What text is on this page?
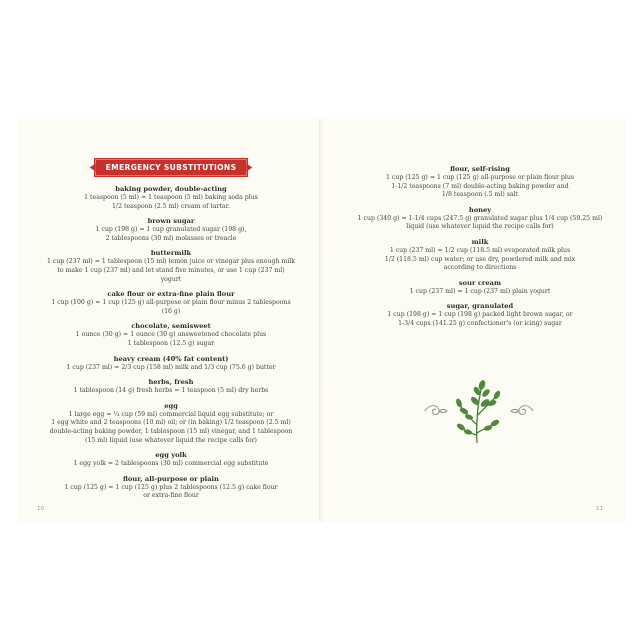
EMERGENCY SUBSTITUTIONS
baking powder, double-acting
1 teaspoon (5 ml) = 1 teaspoon (5 ml) baking soda plus
1/2 teaspoon (2.5 ml) cream of tartar.
brown sugar
1 cup (198 g) = 1 cup granulated sugar (198 g),
2 tablespoons (30 ml) molasses or treacle
buttermilk
1 cup (237 ml) = 1 tablespoon (15 ml) lemon juice or vinegar plus enough milk
to make 1 cup (237 ml) and let stand five minutes, or use 1 cup (237 ml) yogurt
cake flour or extra-fine plain flour
1 cup (100 g) = 1 cup (125 g) all-purpose or plain flour minus 2 tablespoons (16 g)
chocolate, semisweet
1 ounce (30 g) = 1 ounce (30 g) unsweetened chocolate plus
1 tablespoon (12.5 g) sugar
heavy cream (40% fat content)
1 cup (237 ml) = 2/3 cup (158 ml) milk and 1/3 cup (75.6 g) butter
herbs, fresh
1 tablespoon (14 g) fresh herbs = 1 teaspoon (5 ml) dry herbs
egg
1 large egg = ¼ cup (59 ml) commercial liquid egg substitute; or
1 egg white and 2 teaspoons (10 ml) oil; or (in baking) 1/2 teaspoon (2.5 ml)
double-acting baking powder, 1 tablespoon (15 ml) vinegar, and 1 tablespoon
(15 ml) liquid (use whatever liquid the recipe calls for)
egg yolk
1 egg yolk = 2 tablespoons (30 ml) commercial egg substitute
flour, all-purpose or plain
1 cup (125 g) = 1 cup (125 g) plus 2 tablespoons (12.5 g) cake flour
or extra-fine flour
10
flour, self-rising
1 cup (125 g) = 1 cup (125 g) all-purpose or plain flour plus
1-1/2 teaspoons (7 ml) double-acting baking powder and
1/8 teaspoon (.5 ml) salt
honey
1 cup (340 g) = 1-1/4 cups (247.5 g) granulated sugar plus 1/4 cup (59.25 ml)
liquid (use whatever liquid the recipe calls for)
milk
1 cup (237 ml) = 1/2 cup (118.5 ml) evaporated milk plus
1/2 (118.5 ml) cup water; or use dry, powdered milk and mix
according to directions
sour cream
1 cup (237 ml) = 1 cup (237 ml) plain yogurt
sugar, granulated
1 cup (198 g) = 1 cup (198 g) packed light brown sugar, or
1-3/4 cups (141.25 g) confectioner's (or icing) sugar
11
